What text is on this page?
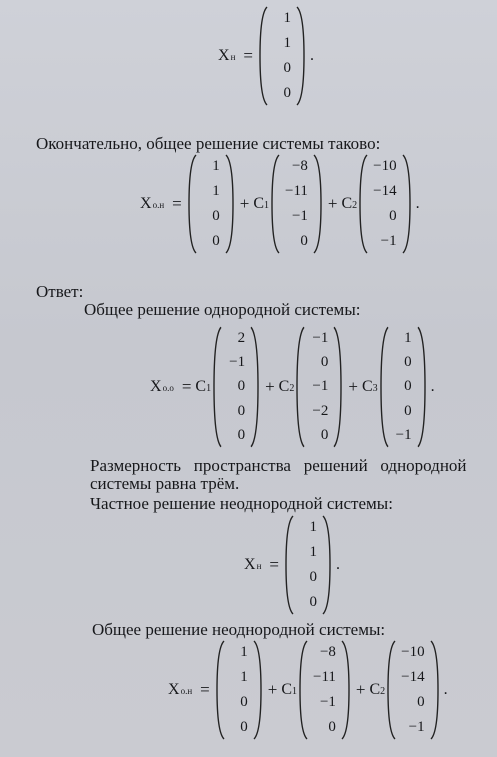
X н =
1
1
0
0
.
Окончательно, общее решение системы таково:
X о.н =
1
1
0
0
+ C 1
−8
−11
−1
0
+ C 2
−10
−14
0
−1
.
Ответ:
Общее решение однородной системы:
X о.о = C 1
2
−1
0
0
0
+ C 2
−1
0
−1
−2
0
+ C 3
1
0
0
0
−1
.
Размерность   пространства   решений   однородной
системы равна трём.
Частное решение неоднородной системы:
X н =
1
1
0
0
.
Общее решение неоднородной системы:
X о.н =
1
1
0
0
+ C 1
−8
−11
−1
0
+ C 2
−10
−14
0
−1
.
